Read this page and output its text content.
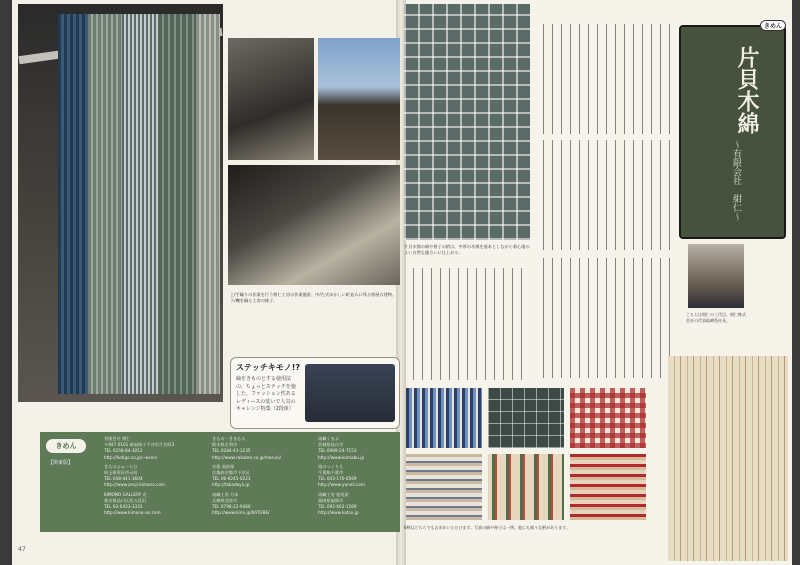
上/手織りの作業を行う紺仁工房の作業風景。中/古式ゆかしい町並みに残る紺屋の建物。下/機を織る工房の様子。
ステッチキモノ!?
紬をきものとする使用法の、ちょっとステッチを施した、ファッション性あるレディースの装いで人気のキャレンジ特集（2段組）
きめん
【関東版】
有限会社 紺仁
〒947-0101 新潟県小千谷市片貝町3
TEL 0258-84-3012
http://kotigo.co.jp/~konni
きものふぉーらむ
埼玉県所沢市元町
TEL 048-441-3604
http://www.zenji-kimono.com
KIMONO GALLERY 花
東京都品川区西五反田
TEL 03-6433-3333
http://www.kimono-an.com
きもの・きまもる
栃木県足利市
TEL 0284-41-1235
http://www.rakuten.co.jp/maruni/
京都 高砂屋
京都府京都市下京区
TEL 06-6245-0223
http://takadaya.jp
染織工房 月本
兵庫県西宮市
TEL 0798-22-9460
http://www.kirin.jp/KATUBE/
染織くまぶ
宮城県仙台市
TEL 0989-24-7153
http://www.kumabu.jp
染のつくりえ
千葉県千葉市
TEL 043-170-6569
http://www.yoneil.com
染織工房 松尾屋
福岡県福岡市
TEL 092-603-1569
http://www.katsu.jp
47
片貝木綿の縞や格子の柄は、中厚の木綿を基本としながら着心地のよい自然な風合いに仕上がる。
きめん
片貝木綿
〜有限会社　紺仁〜
こちらは紺仁の三代目、紺仁株式会社の代表取締役社長。
6柄はどちらでもお求めいただけます。写真の縞や格子は一例。他にも様々な柄があります。
